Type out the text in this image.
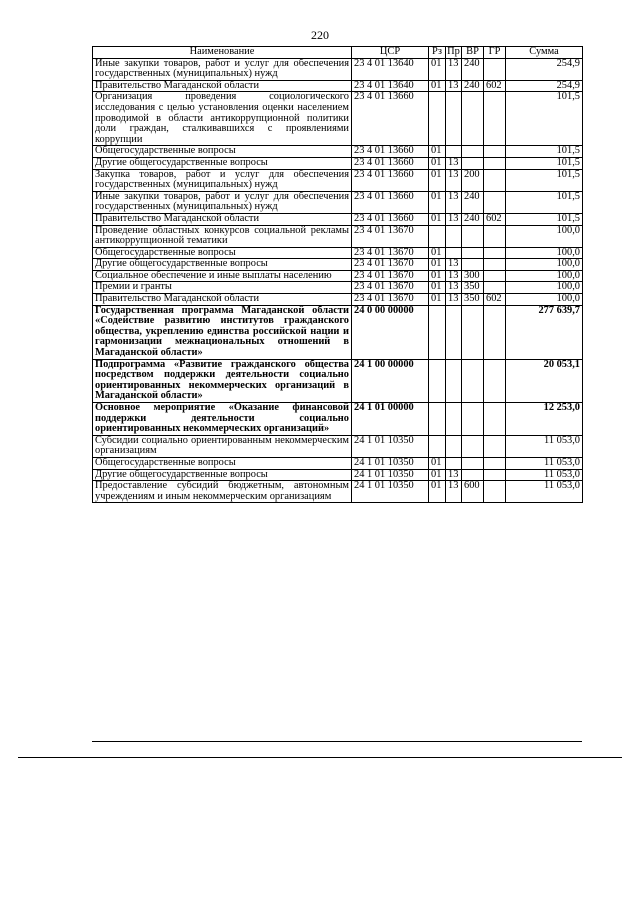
220
Наименование	ЦСР	Рз	Пр	ВР	ГР	Сумма
Иные закупки товаров, работ и услуг для обеспечения государственных (муниципальных) нужд	23 4 01 13640	01	13	240		254,9
Правительство Магаданской области	23 4 01 13640	01	13	240	602	254,9
Организация проведения социологического исследования с целью установления оценки населением проводимой в области антикоррупционной политики доли граждан, сталкивавшихся с проявлениями коррупции	23 4 01 13660					101,5
Общегосударственные вопросы	23 4 01 13660	01				101,5
Другие общегосударственные вопросы	23 4 01 13660	01	13			101,5
Закупка товаров, работ и услуг для обеспечения государственных (муниципальных) нужд	23 4 01 13660	01	13	200		101,5
Иные закупки товаров, работ и услуг для обеспечения государственных (муниципальных) нужд	23 4 01 13660	01	13	240		101,5
Правительство Магаданской области	23 4 01 13660	01	13	240	602	101,5
Проведение областных конкурсов социальной рекламы антикоррупционной тематики	23 4 01 13670					100,0
Общегосударственные вопросы	23 4 01 13670	01				100,0
Другие общегосударственные вопросы	23 4 01 13670	01	13			100,0
Социальное обеспечение и иные выплаты населению	23 4 01 13670	01	13	300		100,0
Премии и гранты	23 4 01 13670	01	13	350		100,0
Правительство Магаданской области	23 4 01 13670	01	13	350	602	100,0
Государственная программа Магаданской области «Содействие развитию институтов гражданского общества, укреплению единства российской нации и гармонизации межнациональных отношений в Магаданской области»	24 0 00 00000					277 639,7
Подпрограмма «Развитие гражданского общества посредством поддержки деятельности социально ориентированных некоммерческих организаций в Магаданской области»	24 1 00 00000					20 053,1
Основное мероприятие «Оказание финансовой поддержки деятельности социально ориентированных некоммерческих организаций»	24 1 01 00000					12 253,0
Субсидии социально ориентированным некоммерческим организациям	24 1 01 10350					11 053,0
Общегосударственные вопросы	24 1 01 10350	01				11 053,0
Другие общегосударственные вопросы	24 1 01 10350	01	13			11 053,0
Предоставление субсидий бюджетным, автономным учреждениям и иным некоммерческим организациям	24 1 01 10350	01	13	600		11 053,0
